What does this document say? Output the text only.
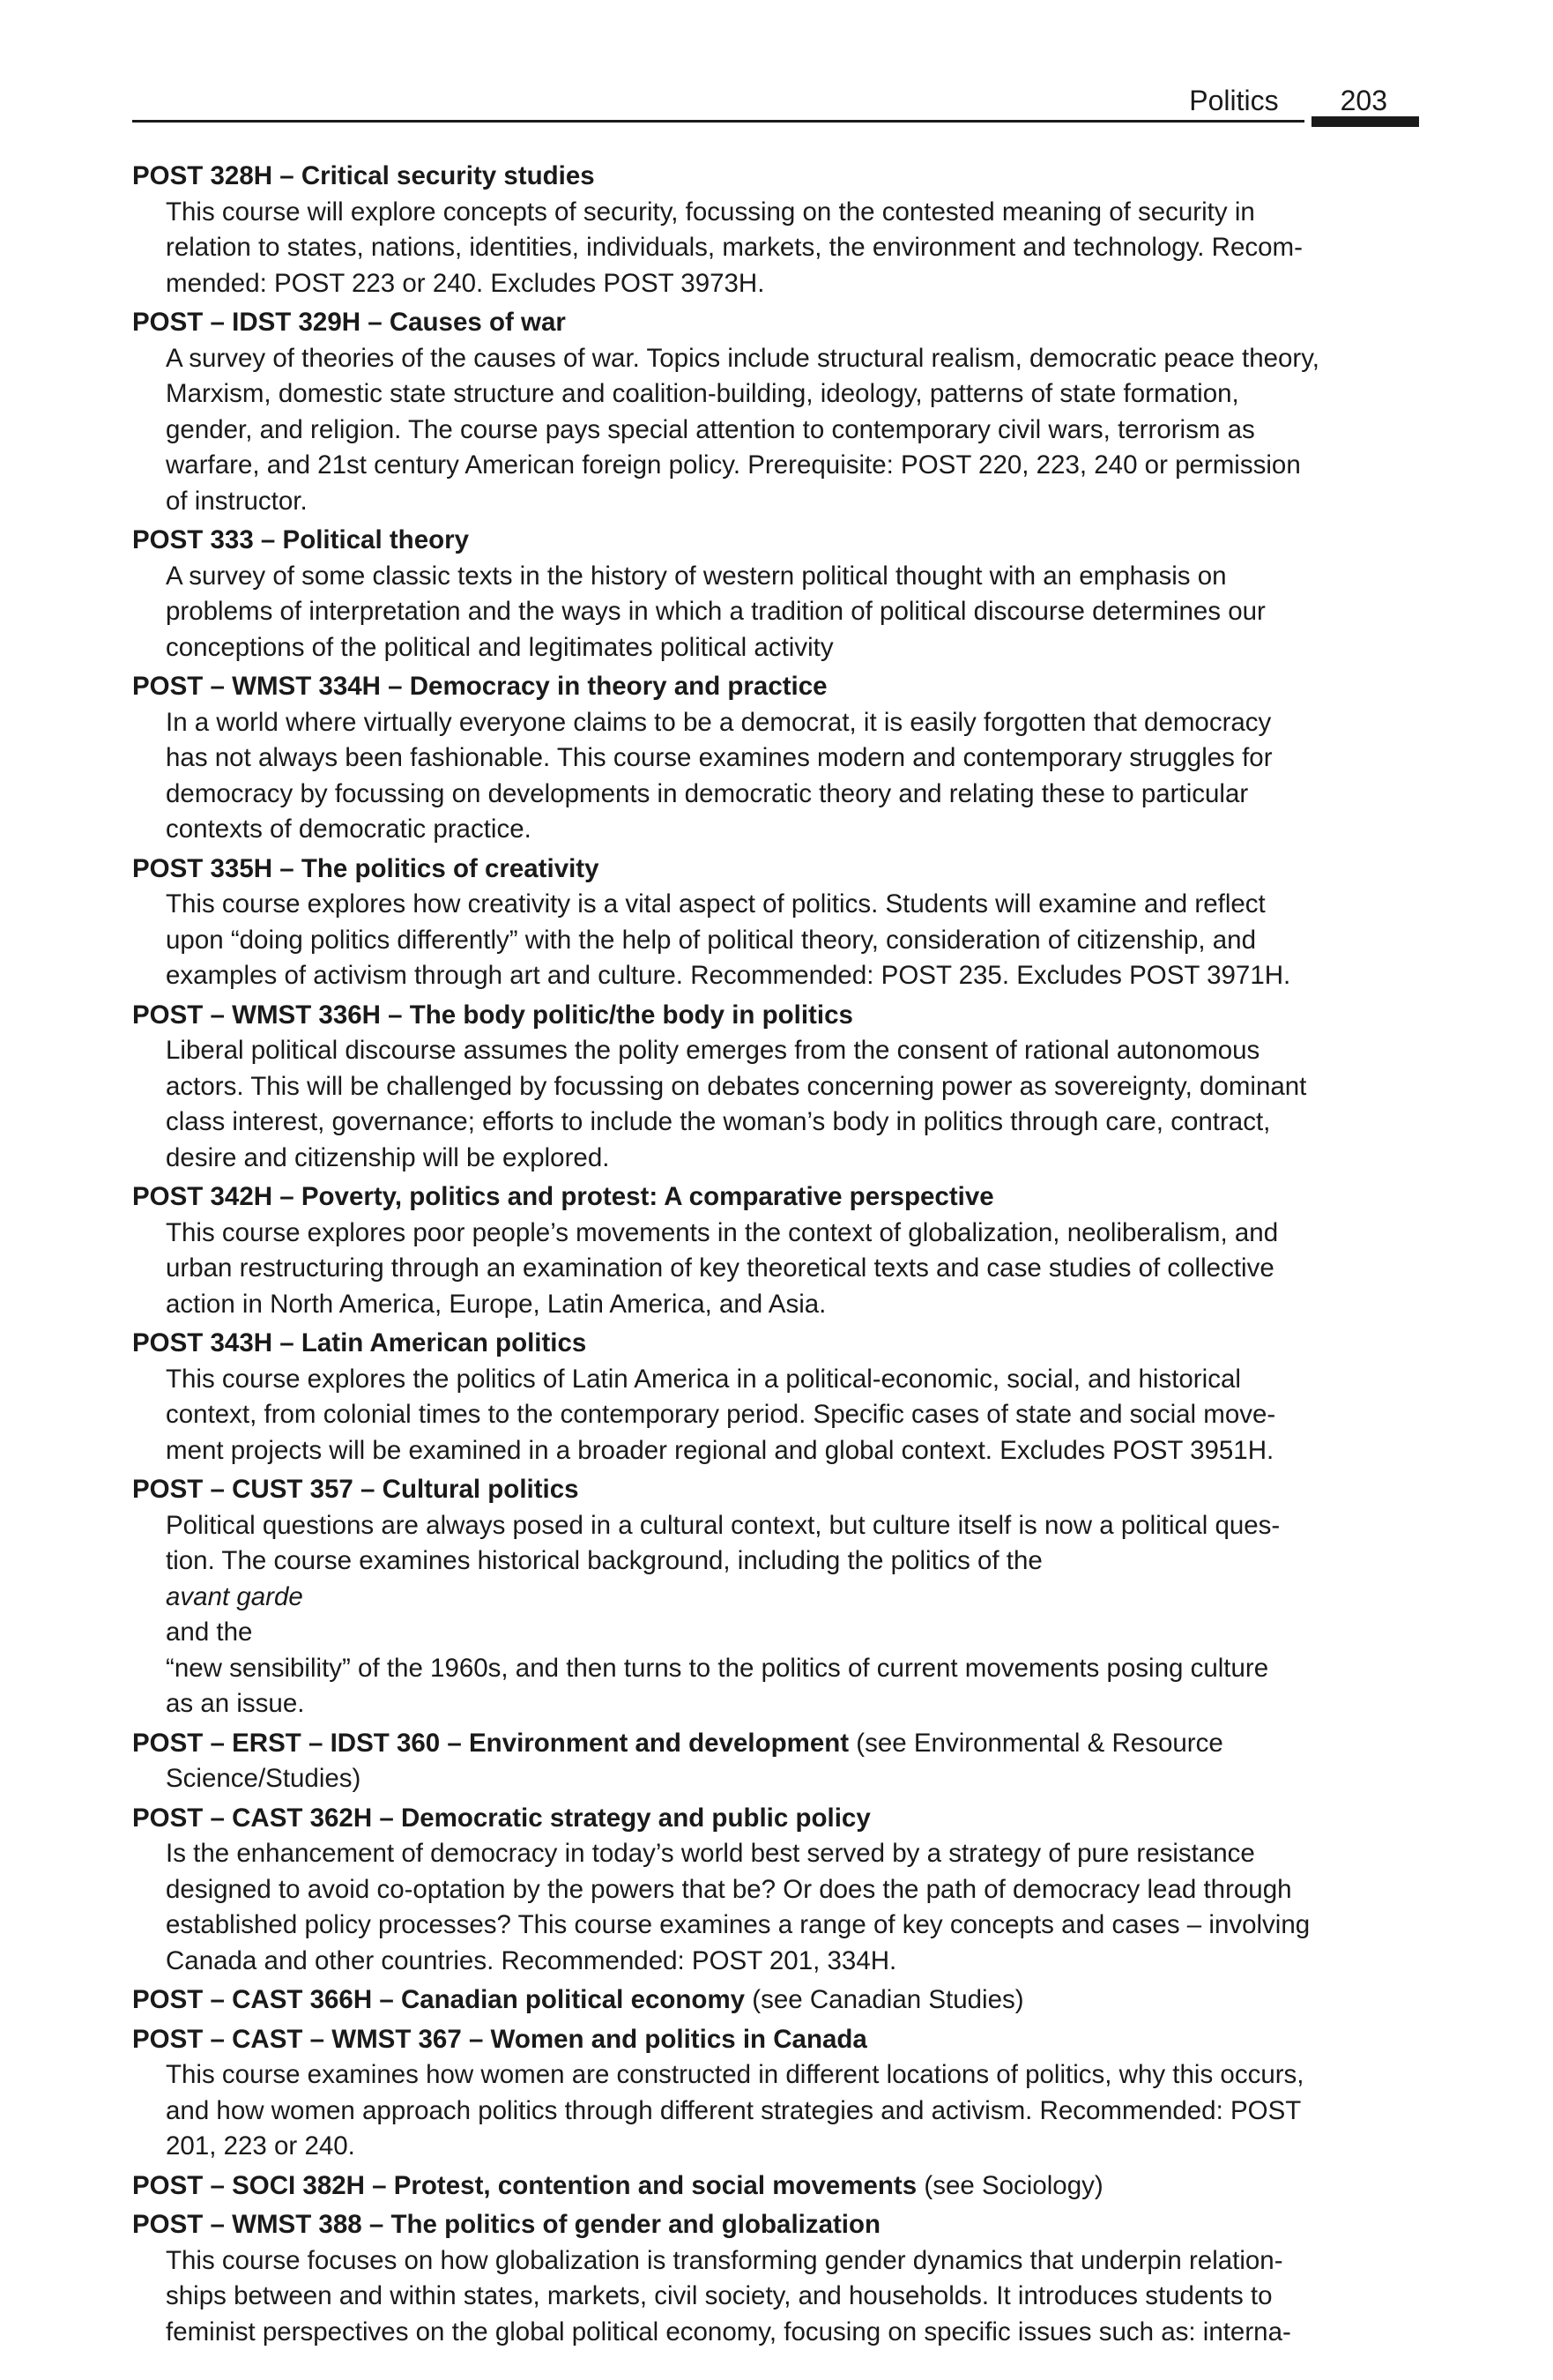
Politics 203
POST 328H – Critical security studies
This course will explore concepts of security, focussing on the contested meaning of security in
relation to states, nations, identities, individuals, markets, the environment and technology. Recom-
mended: POST 223 or 240. Excludes POST 3973H.
POST – IDST 329H – Causes of war
A survey of theories of the causes of war. Topics include structural realism, democratic peace theory,
Marxism, domestic state structure and coalition-building, ideology, patterns of state formation,
gender, and religion. The course pays special attention to contemporary civil wars, terrorism as
warfare, and 21st century American foreign policy. Prerequisite: POST 220, 223, 240 or permission
of instructor.
POST 333 – Political theory
A survey of some classic texts in the history of western political thought with an emphasis on
problems of interpretation and the ways in which a tradition of political discourse determines our
conceptions of the political and legitimates political activity
POST – WMST 334H – Democracy in theory and practice
In a world where virtually everyone claims to be a democrat, it is easily forgotten that democracy
has not always been fashionable. This course examines modern and contemporary struggles for
democracy by focussing on developments in democratic theory and relating these to particular
contexts of democratic practice.
POST 335H – The politics of creativity
This course explores how creativity is a vital aspect of politics. Students will examine and reflect
upon “doing politics differently” with the help of political theory, consideration of citizenship, and
examples of activism through art and culture. Recommended: POST 235. Excludes POST 3971H.
POST – WMST 336H – The body politic/the body in politics
Liberal political discourse assumes the polity emerges from the consent of rational autonomous
actors. This will be challenged by focussing on debates concerning power as sovereignty, dominant
class interest, governance; efforts to include the woman’s body in politics through care, contract,
desire and citizenship will be explored.
POST 342H – Poverty, politics and protest: A comparative perspective
This course explores poor people’s movements in the context of globalization, neoliberalism, and
urban restructuring through an examination of key theoretical texts and case studies of collective
action in North America, Europe, Latin America, and Asia.
POST 343H – Latin American politics
This course explores the politics of Latin America in a political-economic, social, and historical
context, from colonial times to the contemporary period. Specific cases of state and social move-
ment projects will be examined in a broader regional and global context. Excludes POST 3951H.
POST – CUST 357 – Cultural politics
Political questions are always posed in a cultural context, but culture itself is now a political ques-
tion. The course examines historical background, including the politics of the
avant garde
and the
“new sensibility” of the 1960s, and then turns to the politics of current movements posing culture
as an issue.
POST – ERST – IDST 360 – Environment and development (see Environmental & Resource
Science/Studies)
POST – CAST 362H – Democratic strategy and public policy
Is the enhancement of democracy in today’s world best served by a strategy of pure resistance
designed to avoid co-optation by the powers that be? Or does the path of democracy lead through
established policy processes? This course examines a range of key concepts and cases – involving
Canada and other countries. Recommended: POST 201, 334H.
POST – CAST 366H – Canadian political economy (see Canadian Studies)
POST – CAST – WMST 367 – Women and politics in Canada
This course examines how women are constructed in different locations of politics, why this occurs,
and how women approach politics through different strategies and activism. Recommended: POST
201, 223 or 240.
POST – SOCI 382H – Protest, contention and social movements (see Sociology)
POST – WMST 388 – The politics of gender and globalization
This course focuses on how globalization is transforming gender dynamics that underpin relation-
ships between and within states, markets, civil society, and households. It introduces students to
feminist perspectives on the global political economy, focusing on specific issues such as: interna-
